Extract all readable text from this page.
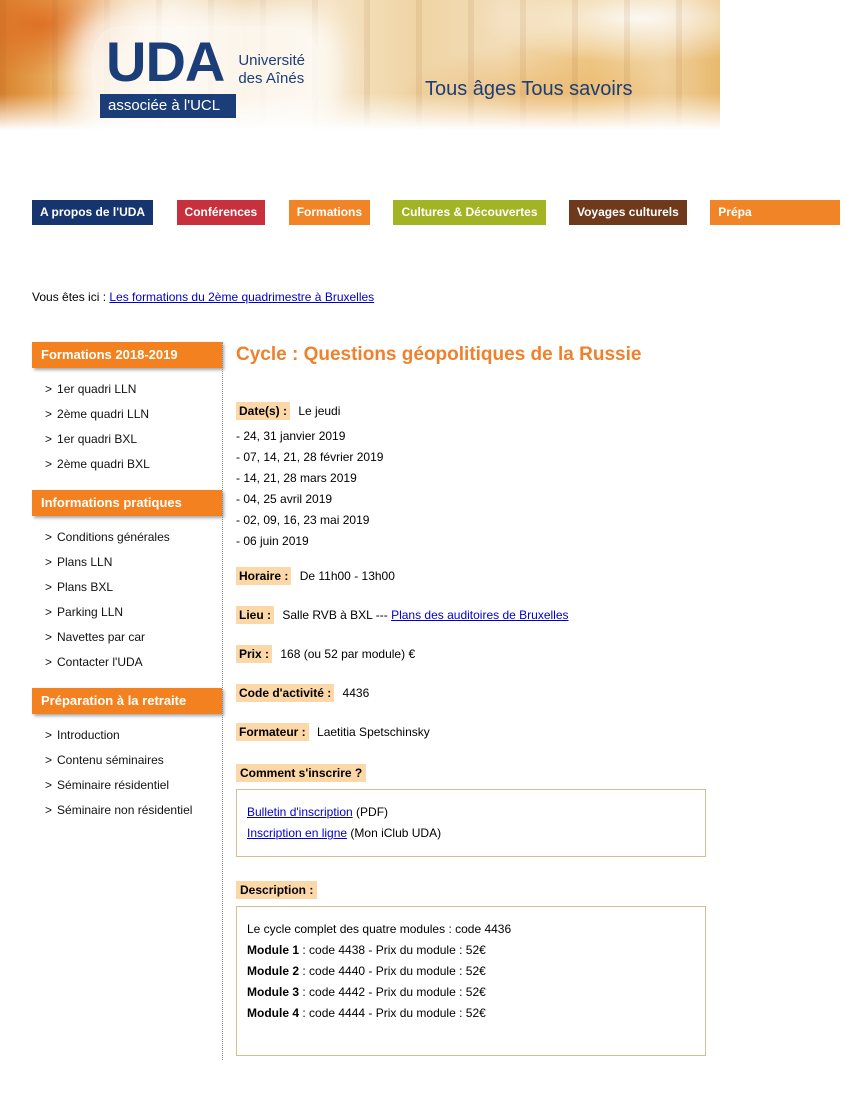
UDA Université
des Aînés
associée à l'UCL
Tous âges Tous savoirs
A propos de l'UDA	Conférences	Formations	Cultures & Découvertes	Voyages culturels	Prépa
Vous êtes ici : Les formations du 2ème quadrimestre à Bruxelles
Formations 2018-2019
> 1er quadri LLN
> 2ème quadri LLN
> 1er quadri BXL
> 2ème quadri BXL
Informations pratiques
> Conditions générales
> Plans LLN
> Plans BXL
> Parking LLN
> Navettes par car
> Contacter l'UDA
Préparation à la retraite
> Introduction
> Contenu séminaires
> Séminaire résidentiel
> Séminaire non résidentiel
Cycle : Questions géopolitiques de la Russie
Date(s) : Le jeudi
- 24, 31 janvier 2019
- 07, 14, 21, 28 février 2019
- 14, 21, 28 mars 2019
- 04, 25 avril 2019
- 02, 09, 16, 23 mai 2019
- 06 juin 2019
Horaire : De 11h00 - 13h00
Lieu : Salle RVB à BXL --- Plans des auditoires de Bruxelles
Prix : 168 (ou 52 par module) €
Code d'activité : 4436
Formateur : Laetitia Spetschinsky
Comment s'inscrire ?
Bulletin d'inscription (PDF)
Inscription en ligne (Mon iClub UDA)
Description :
Le cycle complet des quatre modules : code 4436
Module 1 : code 4438 - Prix du module : 52€
Module 2 : code 4440 - Prix du module : 52€
Module 3 : code 4442 - Prix du module : 52€
Module 4 : code 4444 - Prix du module : 52€
